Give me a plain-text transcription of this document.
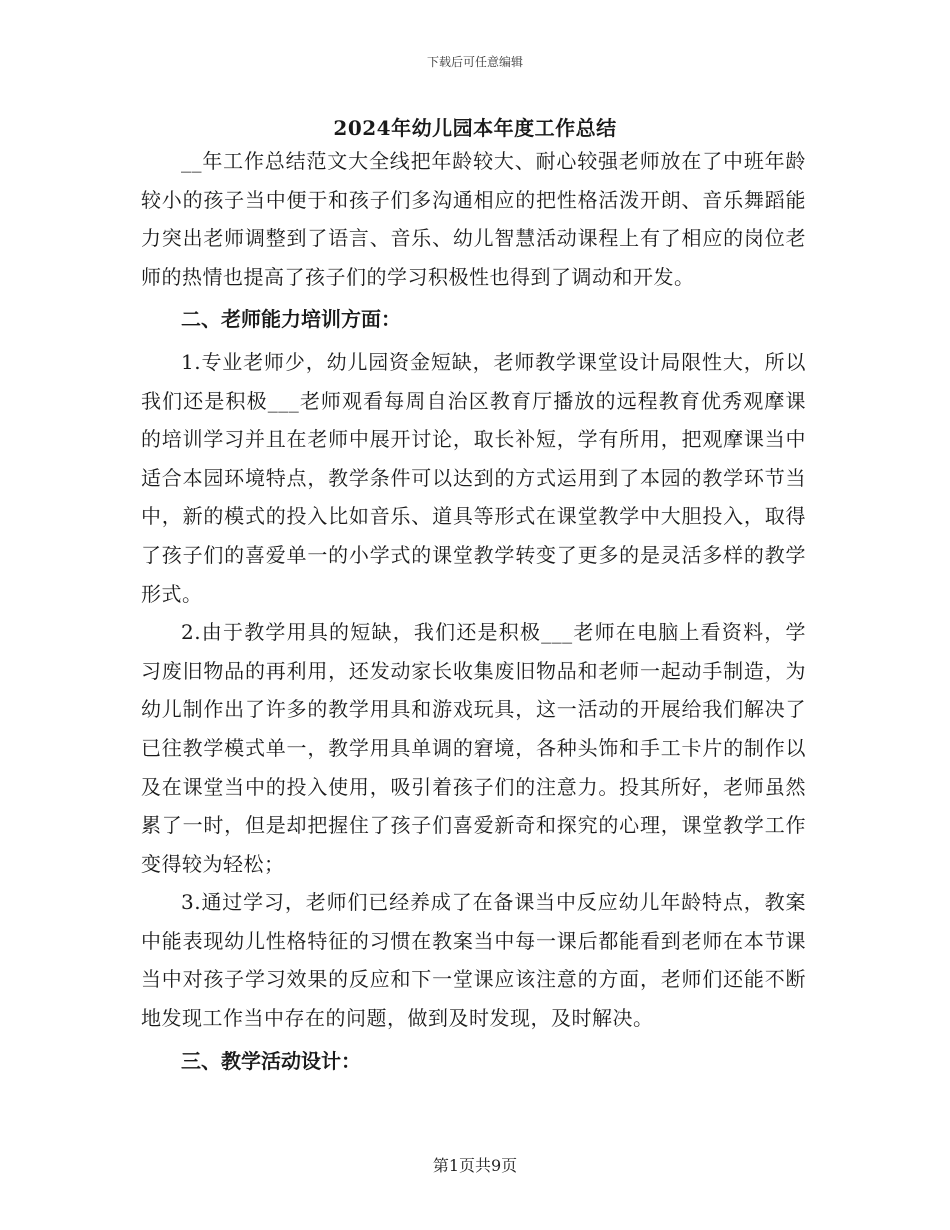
下载后可任意编辑
2024年幼儿园本年度工作总结

__年工作总结范文大全线把年龄较大、耐心较强老师放在了中班年龄较小的孩子当中便于和孩子们多沟通相应的把性格活泼开朗、音乐舞蹈能力突出老师调整到了语言、音乐、幼儿智慧活动课程上有了相应的岗位老师的热情也提高了孩子们的学习积极性也得到了调动和开发。

二、老师能力培训方面：

1.专业老师少，幼儿园资金短缺，老师教学课堂设计局限性大，所以我们还是积极___老师观看每周自治区教育厅播放的远程教育优秀观摩课的培训学习并且在老师中展开讨论，取长补短，学有所用，把观摩课当中适合本园环境特点，教学条件可以达到的方式运用到了本园的教学环节当中，新的模式的投入比如音乐、道具等形式在课堂教学中大胆投入，取得了孩子们的喜爱单一的小学式的课堂教学转变了更多的是灵活多样的教学形式。

2.由于教学用具的短缺，我们还是积极___老师在电脑上看资料，学习废旧物品的再利用，还发动家长收集废旧物品和老师一起动手制造，为幼儿制作出了许多的教学用具和游戏玩具，这一活动的开展给我们解决了已往教学模式单一，教学用具单调的窘境，各种头饰和手工卡片的制作以及在课堂当中的投入使用，吸引着孩子们的注意力。投其所好，老师虽然累了一时，但是却把握住了孩子们喜爱新奇和探究的心理，课堂教学工作变得较为轻松；

3.通过学习，老师们已经养成了在备课当中反应幼儿年龄特点，教案中能表现幼儿性格特征的习惯在教案当中每一课后都能看到老师在本节课当中对孩子学习效果的反应和下一堂课应该注意的方面，老师们还能不断地发现工作当中存在的问题，做到及时发现，及时解决。

三、教学活动设计：

第1页共9页
